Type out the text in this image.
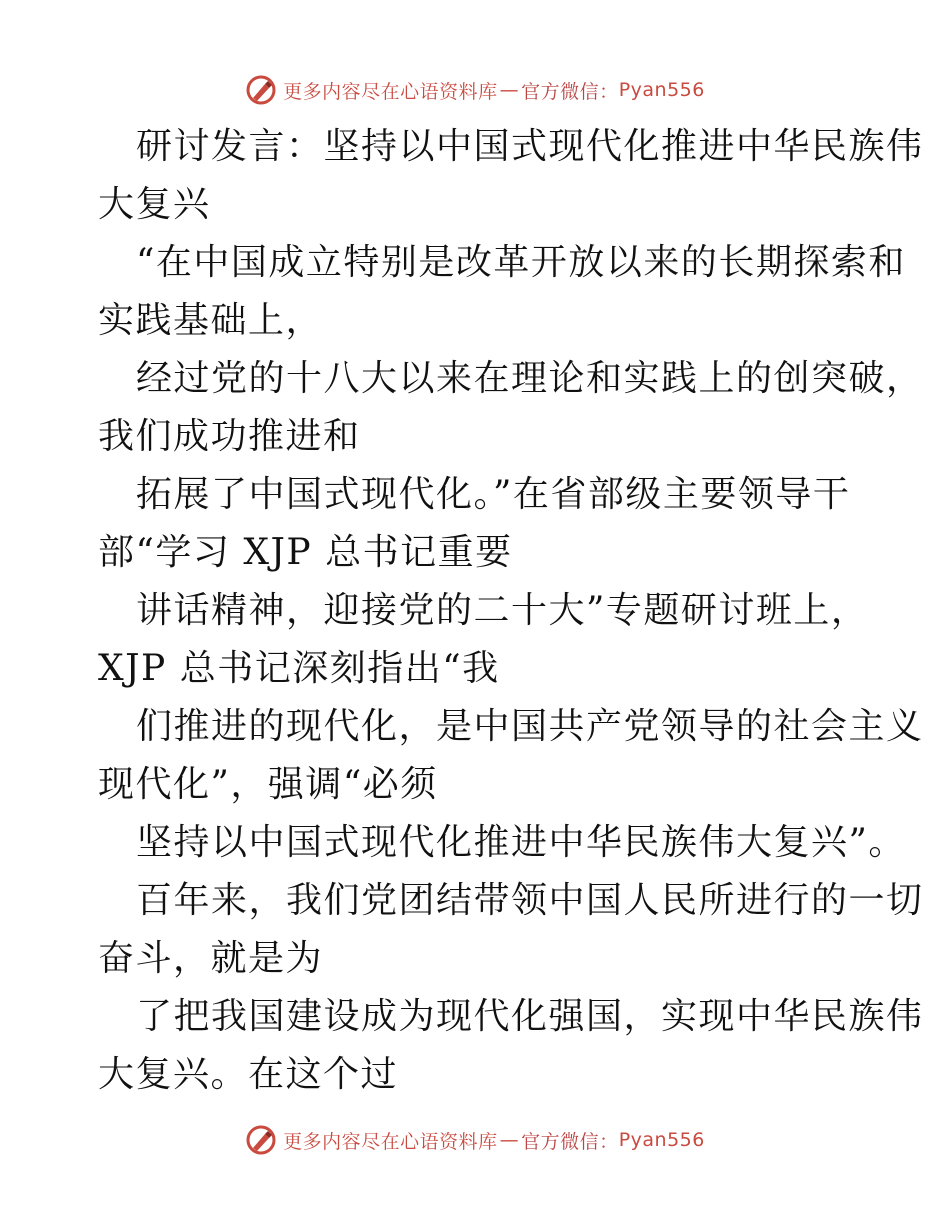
更多内容尽在心语资料库 — 官方微信： Pyan556
研讨发言：坚持以中国式现代化推进中华民族伟
大复兴
“在中国成立特别是改革开放以来的长期探索和
实践基础上，
经过党的十八大以来在理论和实践上的创突破，
我们成功推进和
拓展了中国式现代化。”在省部级主要领导干
部“学习 XJP 总书记重要
讲话精神，迎接党的二十大”专题研讨班上，
XJP 总书记深刻指出“我
们推进的现代化，是中国共产党领导的社会主义
现代化”，强调“必须
坚持以中国式现代化推进中华民族伟大复兴”。
百年来，我们党团结带领中国人民所进行的一切
奋斗，就是为
了把我国建设成为现代化强国，实现中华民族伟
大复兴。在这个过
更多内容尽在心语资料库 — 官方微信： Pyan556
